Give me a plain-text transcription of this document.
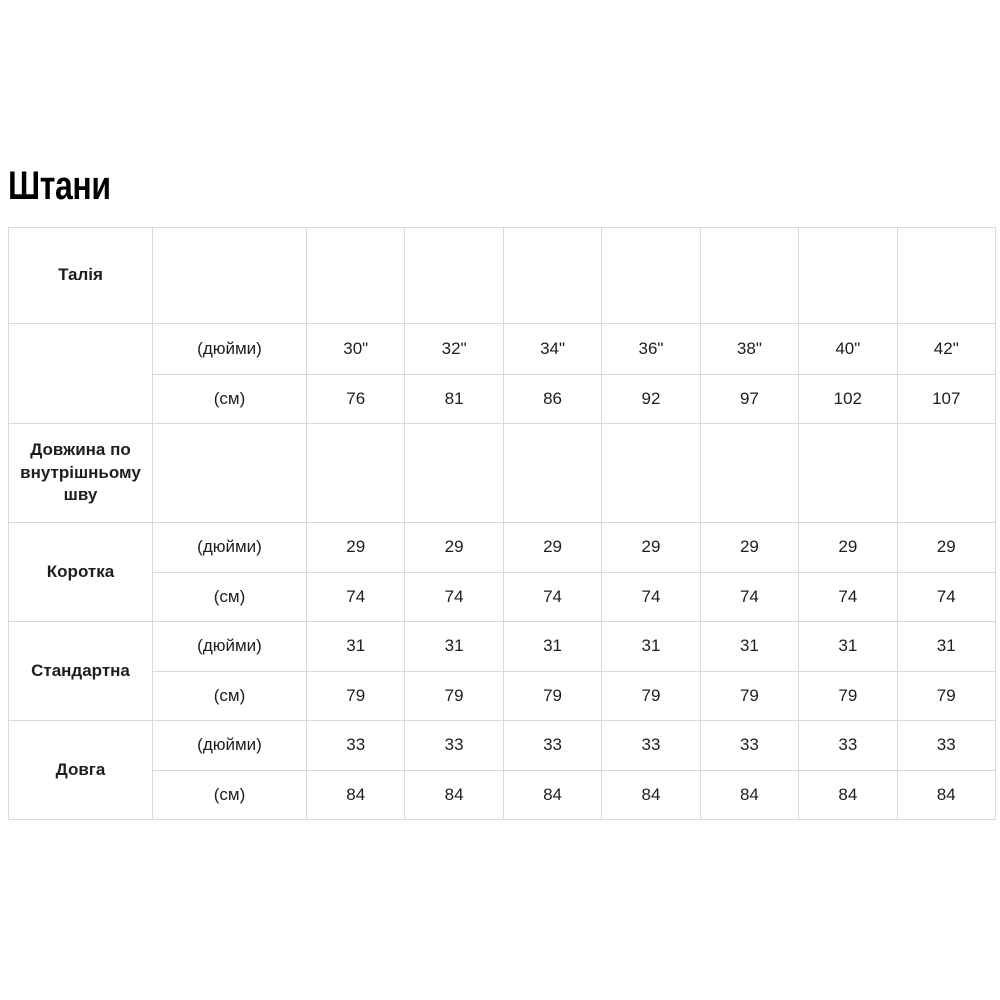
Штани
Талія								
	(дюйми)	30"	32"	34"	36"	38"	40"	42"
	(см)	76	81	86	92	97	102	107
Довжина по внутрішньому шву								
Коротка	(дюйми)	29	29	29	29	29	29	29
	(см)	74	74	74	74	74	74	74
Стандартна	(дюйми)	31	31	31	31	31	31	31
	(см)	79	79	79	79	79	79	79
Довга	(дюйми)	33	33	33	33	33	33	33
	(см)	84	84	84	84	84	84	84
